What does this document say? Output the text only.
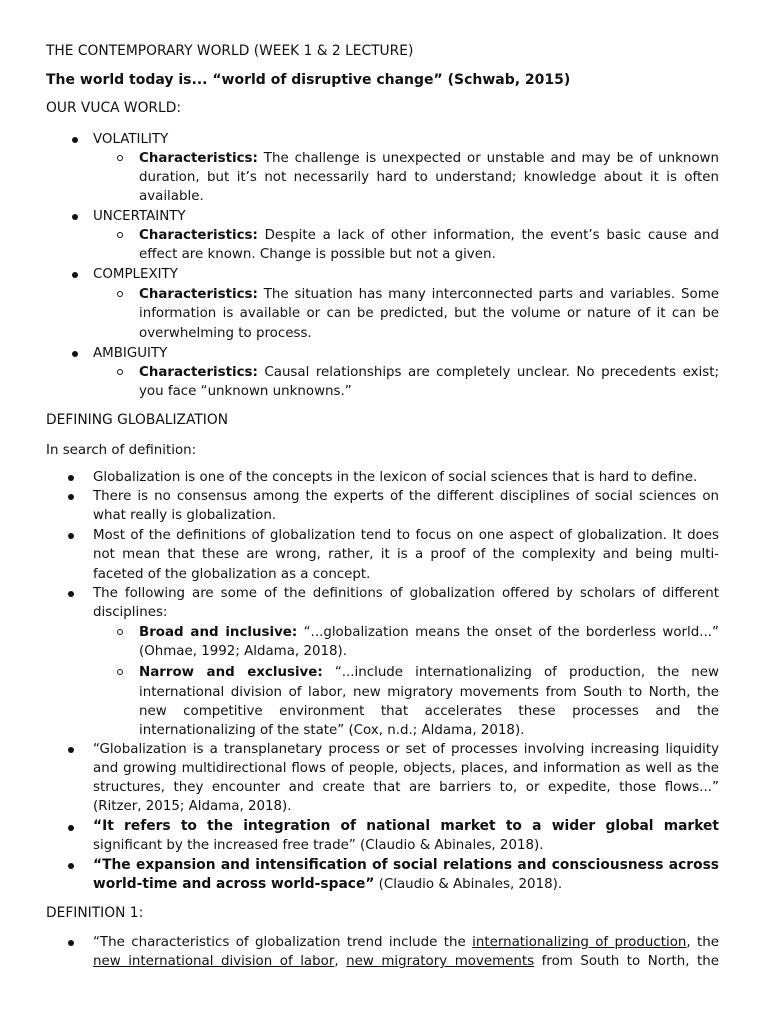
THE CONTEMPORARY WORLD (WEEK 1 & 2 LECTURE)
The world today is... “world of disruptive change” (Schwab, 2015)
OUR VUCA WORLD:
VOLATILITY
Characteristics: The challenge is unexpected or unstable and may be of unknown
duration, but it’s not necessarily hard to understand; knowledge about it is often
available.
UNCERTAINTY
Characteristics: Despite a lack of other information, the event’s basic cause and
effect are known. Change is possible but not a given.
COMPLEXITY
Characteristics: The situation has many interconnected parts and variables. Some
information is available or can be predicted, but the volume or nature of it can be
overwhelming to process.
AMBIGUITY
Characteristics: Causal relationships are completely unclear. No precedents exist;
you face “unknown unknowns.”
DEFINING GLOBALIZATION
In search of definition:
Globalization is one of the concepts in the lexicon of social sciences that is hard to define.
There is no consensus among the experts of the different disciplines of social sciences on
what really is globalization.
Most of the definitions of globalization tend to focus on one aspect of globalization. It does
not mean that these are wrong, rather, it is a proof of the complexity and being multi-
faceted of the globalization as a concept.
The following are some of the definitions of globalization offered by scholars of different
disciplines:
Broad and inclusive: “...globalization means the onset of the borderless world...”
(Ohmae, 1992; Aldama, 2018).
Narrow and exclusive: “...include internationalizing of production, the new
international division of labor, new migratory movements from South to North, the
new competitive environment that accelerates these processes and the
internationalizing of the state” (Cox, n.d.; Aldama, 2018).
“Globalization is a transplanetary process or set of processes involving increasing liquidity
and growing multidirectional flows of people, objects, places, and information as well as the
structures, they encounter and create that are barriers to, or expedite, those flows...”
(Ritzer, 2015; Aldama, 2018).
“It refers to the integration of national market to a wider global market
significant by the increased free trade” (Claudio & Abinales, 2018).
“The expansion and intensification of social relations and consciousness across
world-time and across world-space” (Claudio & Abinales, 2018).
DEFINITION 1:
“The characteristics of globalization trend include the internationalizing of production, the
new international division of labor, new migratory movements from South to North, the
